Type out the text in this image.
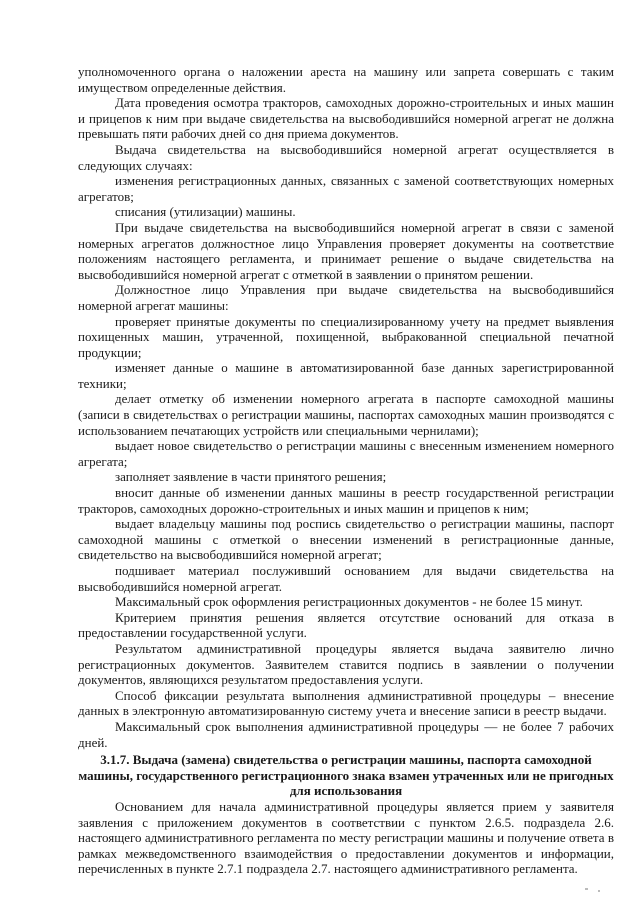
уполномоченного органа о наложении ареста на машину или запрета совершать с таким имуществом определенные действия.

Дата проведения осмотра тракторов, самоходных дорожно-строительных и иных машин и прицепов к ним при выдаче свидетельства на высвободившийся номерной агрегат не должна превышать пяти рабочих дней со дня приема документов.

Выдача свидетельства на высвободившийся номерной агрегат осуществляется в следующих случаях:

изменения регистрационных данных, связанных с заменой соответствующих номерных агрегатов;

списания (утилизации) машины.

При выдаче свидетельства на высвободившийся номерной агрегат в связи с заменой номерных агрегатов должностное лицо Управления проверяет документы на соответствие положениям настоящего регламента, и принимает решение о выдаче свидетельства на высвободившийся номерной агрегат с отметкой в заявлении о принятом решении.

Должностное лицо Управления при выдаче свидетельства на высвободившийся номерной агрегат машины:

проверяет принятые документы по специализированному учету на предмет выявления похищенных машин, утраченной, похищенной, выбракованной специальной печатной продукции;

изменяет данные о машине в автоматизированной базе данных зарегистрированной техники;

делает отметку об изменении номерного агрегата в паспорте самоходной машины (записи в свидетельствах о регистрации машины, паспортах самоходных машин производятся с использованием печатающих устройств или специальными чернилами);

выдает новое свидетельство о регистрации машины с внесенным изменением номерного агрегата;

заполняет заявление в части принятого решения;

вносит данные об изменении данных машины в реестр государственной регистрации тракторов, самоходных дорожно-строительных и иных машин и прицепов к ним;

выдает владельцу машины под роспись свидетельство о регистрации машины, паспорт самоходной машины с отметкой о внесении изменений в регистрационные данные, свидетельство на высвободившийся номерной агрегат;

подшивает материал послуживший основанием для выдачи свидетельства на высвободившийся номерной агрегат.

Максимальный срок оформления регистрационных документов - не более 15 минут.

Критерием принятия решения является отсутствие оснований для отказа в предоставлении государственной услуги.

Результатом административной процедуры является выдача заявителю лично регистрационных документов. Заявителем ставится подпись в заявлении о получении документов, являющихся результатом предоставления услуги.

Способ фиксации результата выполнения административной процедуры – внесение данных в электронную автоматизированную систему учета и внесение записи в реестр выдачи.

Максимальный срок выполнения административной процедуры — не более 7 рабочих дней.

3.1.7. Выдача (замена) свидетельства о регистрации машины, паспорта самоходной машины, государственного регистрационного знака взамен утраченных или не пригодных для использования

Основанием для начала административной процедуры является прием у заявителя заявления с приложением документов в соответствии с пунктом 2.6.5. подраздела 2.6. настоящего административного регламента по месту регистрации машины и получение ответа в рамках межведомственного взаимодействия о предоставлении документов и информации, перечисленных в пункте 2.7.1 подраздела 2.7. настоящего административного регламента.
